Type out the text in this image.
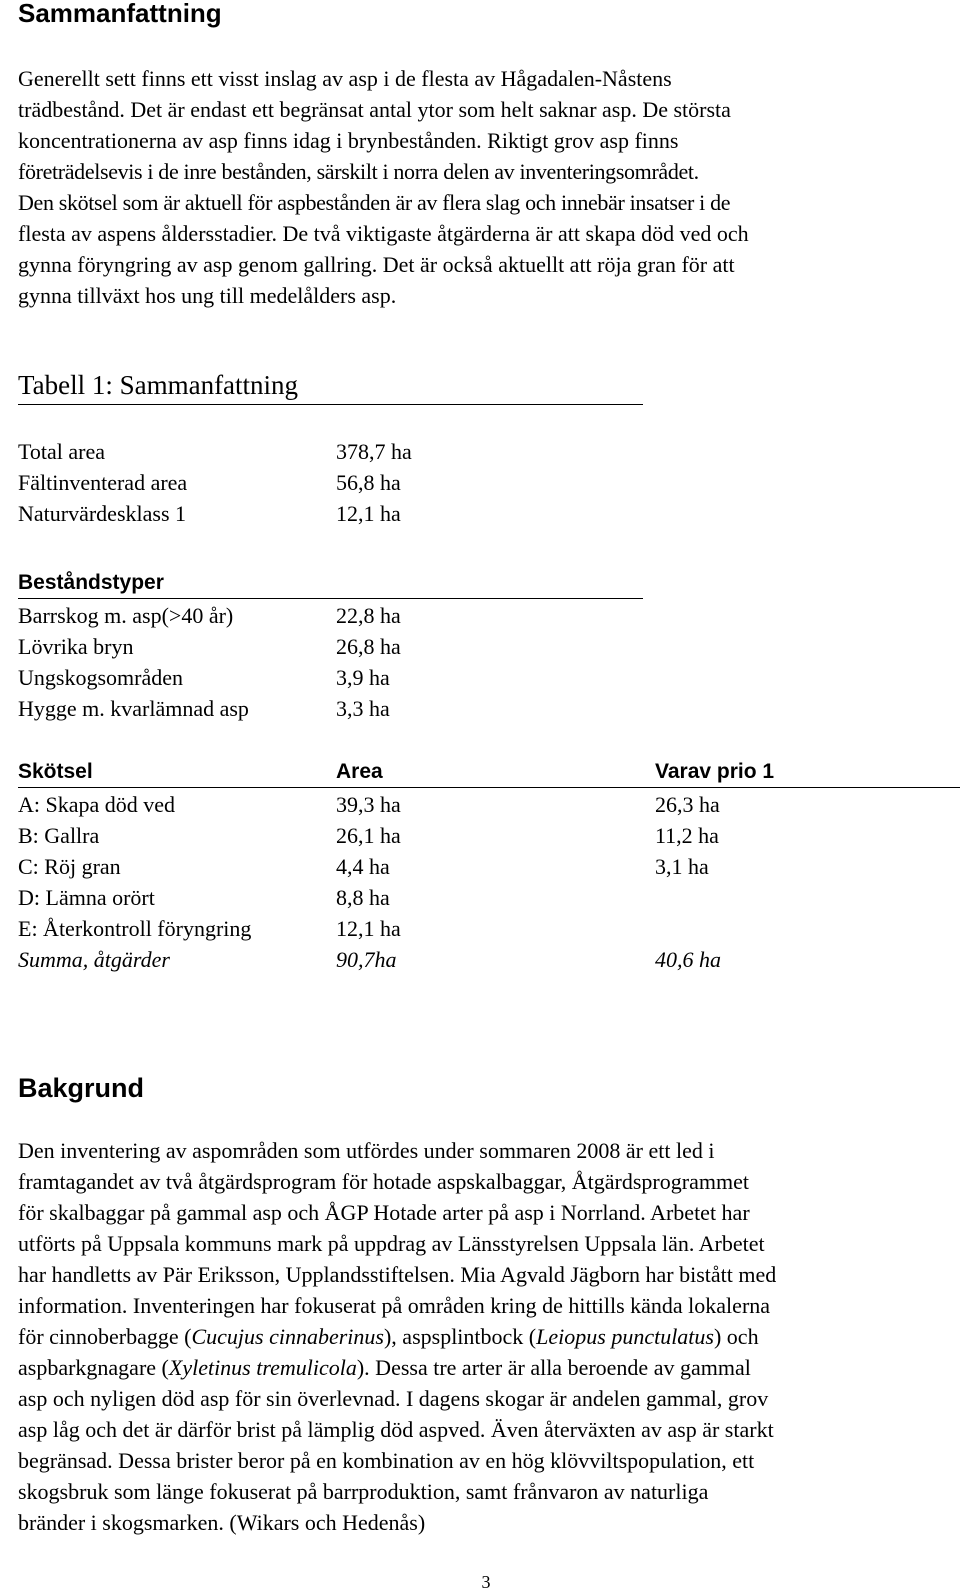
Sammanfattning
Generellt sett finns ett visst inslag av asp i de flesta av Hågadalen-Nåstens
trädbestånd. Det är endast ett begränsat antal ytor som helt saknar asp. De största
koncentrationerna av asp finns idag i brynbestånden. Riktigt grov asp finns
företrädelsevis i de inre bestånden, särskilt i norra delen av inventeringsområdet.
Den skötsel som är aktuell för aspbestånden är av flera slag och innebär insatser i de
flesta av aspens åldersstadier. De två viktigaste åtgärderna är att skapa död ved och
gynna föryngring av asp genom gallring. Det är också aktuellt att röja gran för att
gynna tillväxt hos ung till medelålders asp.
Tabell 1: Sammanfattning
Total area	378,7 ha
Fältinventerad area	56,8 ha
Naturvärdesklass 1	12,1 ha
Beståndstyper
Barrskog m. asp(>40 år)	22,8 ha
Lövrika bryn	26,8 ha
Ungskogsområden	3,9 ha
Hygge m. kvarlämnad asp	3,3 ha
Skötsel	Area	Varav prio 1
A: Skapa död ved	39,3 ha	26,3 ha
B: Gallra	26,1 ha	11,2 ha
C: Röj gran	4,4 ha	3,1 ha
D: Lämna orört	8,8 ha
E: Återkontroll föryngring	12,1 ha
Summa, åtgärder	90,7ha	40,6 ha
Bakgrund
Den inventering av aspområden som utfördes under sommaren 2008 är ett led i
framtagandet av två åtgärdsprogram för hotade aspskalbaggar, Åtgärdsprogrammet
för skalbaggar på gammal asp och ÅGP Hotade arter på asp i Norrland. Arbetet har
utförts på Uppsala kommuns mark på uppdrag av Länsstyrelsen Uppsala län. Arbetet
har handletts av Pär Eriksson, Upplandsstiftelsen. Mia Agvald Jägborn har bistått med
information. Inventeringen har fokuserat på områden kring de hittills kända lokalerna
för cinnoberbagge (Cucujus cinnaberinus), aspsplintbock (Leiopus punctulatus) och
aspbarkgnagare (Xyletinus tremulicola). Dessa tre arter är alla beroende av gammal
asp och nyligen död asp för sin överlevnad. I dagens skogar är andelen gammal, grov
asp låg och det är därför brist på lämplig död aspved. Även återväxten av asp är starkt
begränsad. Dessa brister beror på en kombination av en hög klövviltspopulation, ett
skogsbruk som länge fokuserat på barrproduktion, samt frånvaron av naturliga
bränder i skogsmarken. (Wikars och Hedenås)
3
